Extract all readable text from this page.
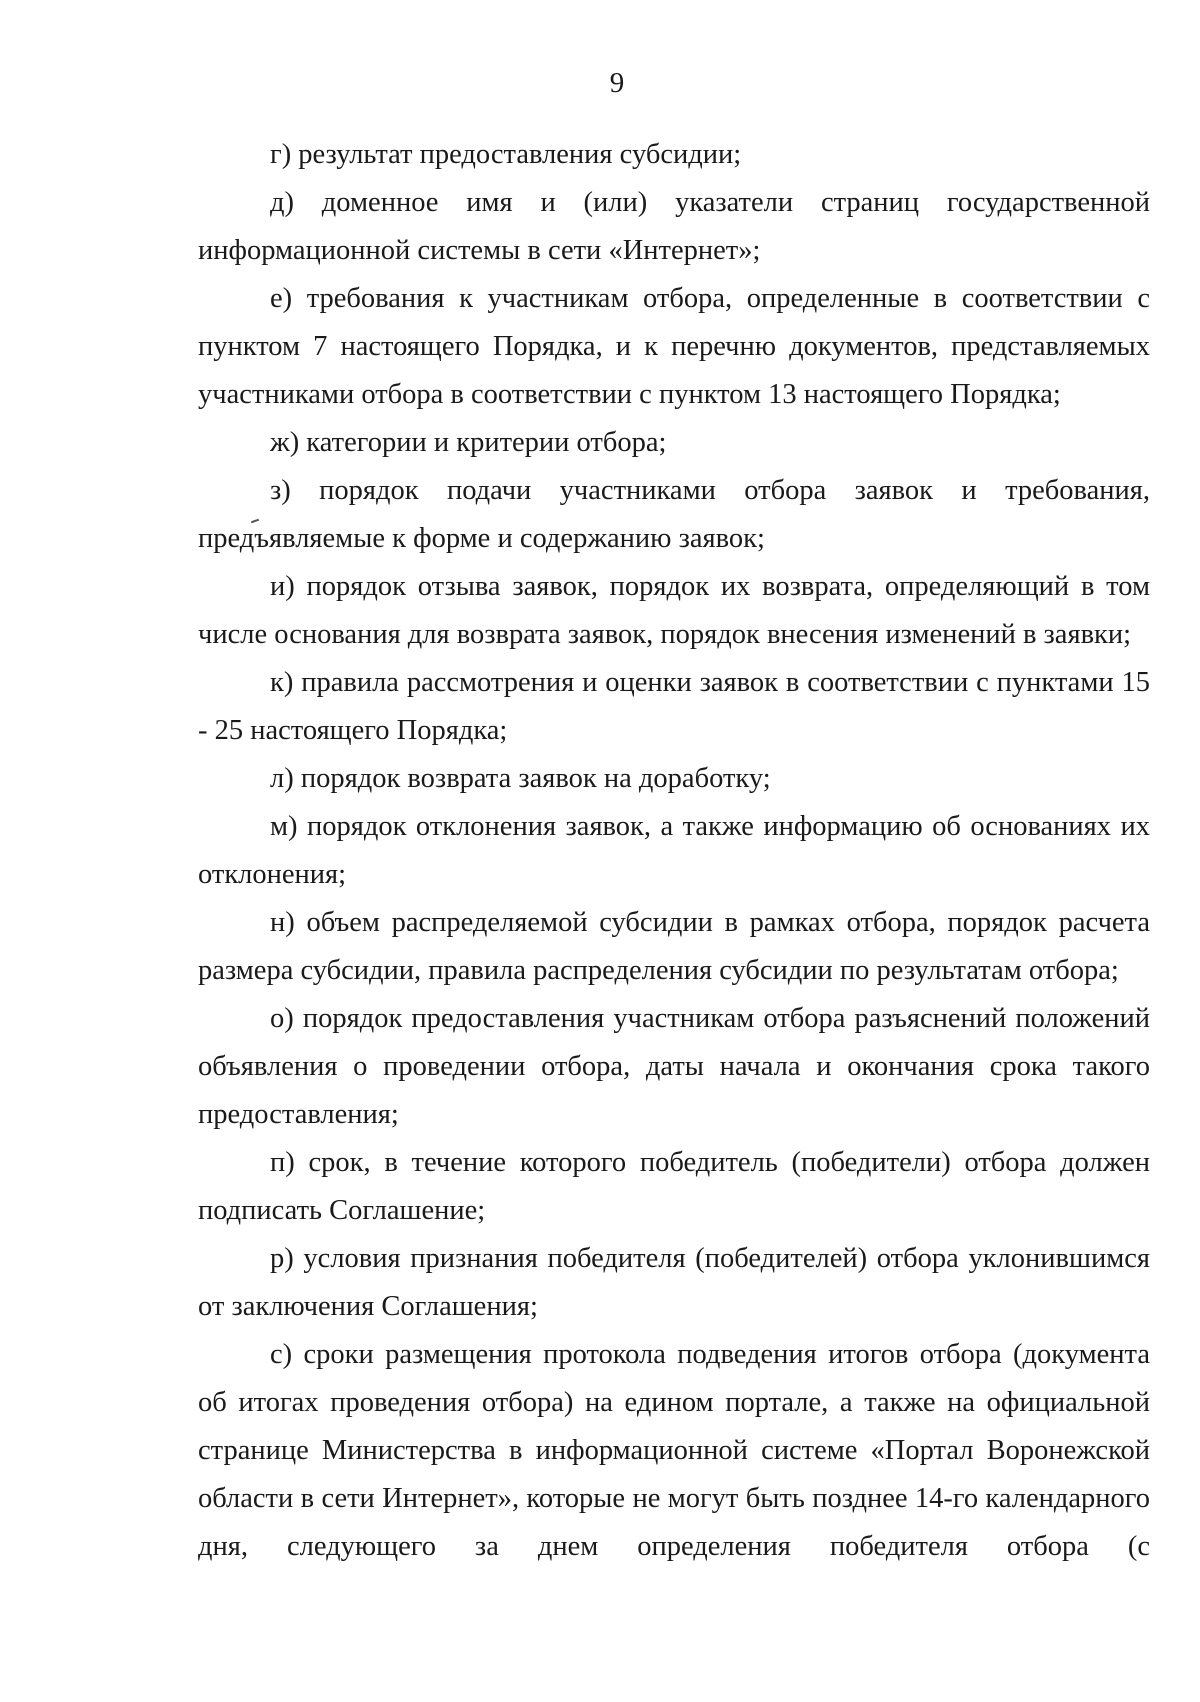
9

г) результат предоставления субсидии;

д) доменное имя и (или) указатели страниц государственной информационной системы в сети «Интернет»;

е) требования к участникам отбора, определенные в соответствии с пунктом 7 настоящего Порядка, и к перечню документов, представляемых участниками отбора в соответствии с пунктом 13 настоящего Порядка;

ж) категории и критерии отбора;

з) порядок подачи участниками отбора заявок и требования, предъявляемые к форме и содержанию заявок;

и) порядок отзыва заявок, порядок их возврата, определяющий в том числе основания для возврата заявок, порядок внесения изменений в заявки;

к) правила рассмотрения и оценки заявок в соответствии с пунктами 15 - 25 настоящего Порядка;

л) порядок возврата заявок на доработку;

м) порядок отклонения заявок, а также информацию об основаниях их отклонения;

н) объем распределяемой субсидии в рамках отбора, порядок расчета размера субсидии, правила распределения субсидии по результатам отбора;

о) порядок предоставления участникам отбора разъяснений положений объявления о проведении отбора, даты начала и окончания срока такого предоставления;

п) срок, в течение которого победитель (победители) отбора должен подписать Соглашение;

р) условия признания победителя (победителей) отбора уклонившимся от заключения Соглашения;

с) сроки размещения протокола подведения итогов отбора (документа об итогах проведения отбора) на едином портале, а также на официальной странице Министерства в информационной системе «Портал Воронежской области в сети Интернет», которые не могут быть позднее 14-го календарного дня, следующего за днем определения победителя отбора (с
